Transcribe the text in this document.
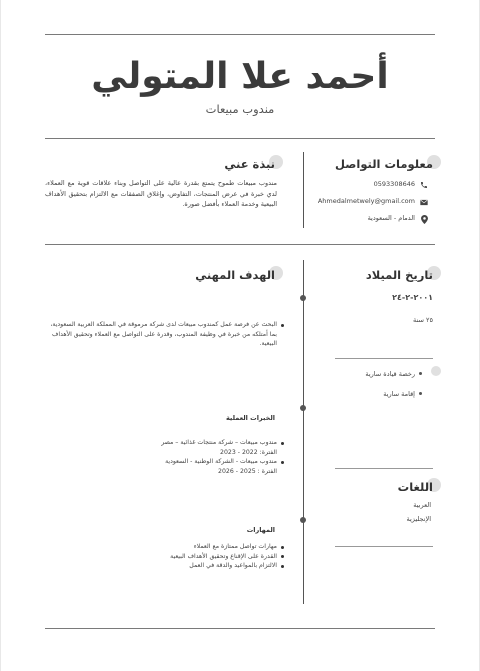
أحمد علا المتولي
مندوب مبيعات
معلومات التواصل
0593308646
Ahmedalmetwely@gmail.com
الدمام - السعودية
نبذة عني
مندوب مبيعات طموح يتمتع بقدرة عالية على التواصل وبناء علاقات قوية مع العملاء، لدي خبرة في عرض المنتجات، التفاوض، وإغلاق الصفقات مع الالتزام بتحقيق الأهداف البيعية وخدمة العملاء بأفضل صورة.
تاريخ الميلاد
٢٠٠١-٢-٢٤
٢٥ سنة
رخصة قيادة سارية
إقامة سارية
اللغات
العربية
الإنجليزية
الهدف المهني
البحث عن فرصة عمل كمندوب مبيعات لدى شركة مرموقة في المملكة العربية السعودية، بما أمتلكه من خبرة في وظيفة المندوب، وقدرة على التواصل مع العملاء وتحقيق الأهداف البيعية.
الخبرات العملية
مندوب مبيعات – شركة منتجات غذائية – مصر
الفترة: 2022 - 2023
مندوب مبيعات - الشركة الوطنية - السعودية
الفترة : 2025 - 2026
المهارات
مهارات تواصل ممتازة مع العملاء
القدرة على الإقناع وتحقيق الأهداف البيعية
الالتزام بالمواعيد والدقة في العمل
